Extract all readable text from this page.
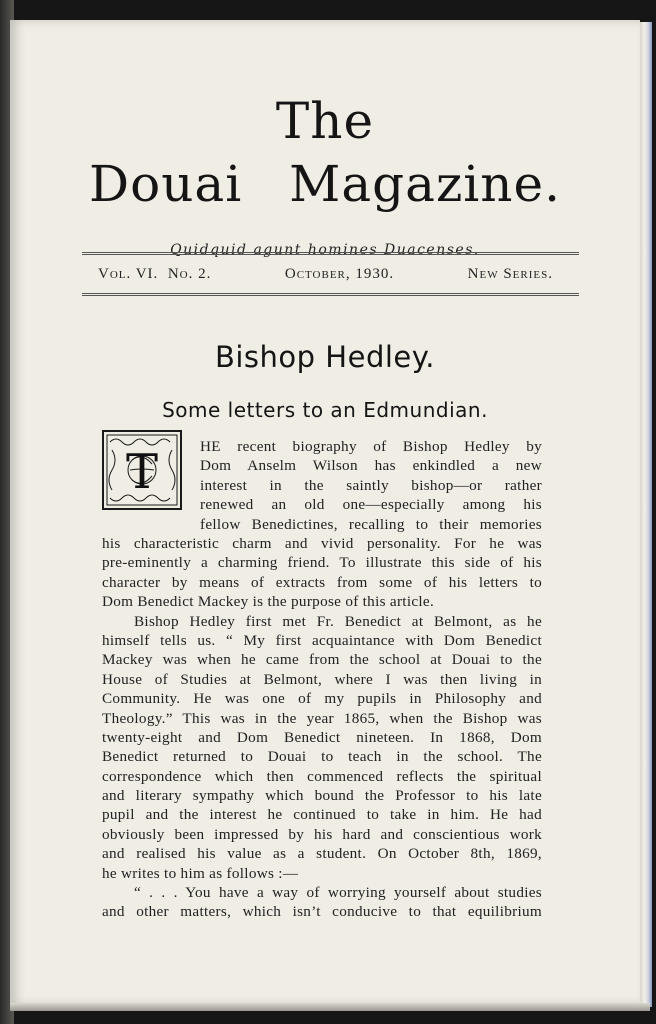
The
Douai Magazine.
Quidquid agunt homines Duacenses.
Vol. VI. No. 2.	October, 1930.	New Series.
Bishop Hedley.
Some letters to an Edmundian.
T	HE recent biography of Bishop Hedley by
Dom Anselm Wilson has enkindled a new
interest in the saintly bishop—or rather
renewed an old one—especially among his
fellow Benedictines, recalling to their memories
his characteristic charm and vivid personality. For he was
pre-eminently a charming friend. To illustrate this side of his
character by means of extracts from some of his letters to
Dom Benedict Mackey is the purpose of this article.
Bishop Hedley first met Fr. Benedict at Belmont, as he
himself tells us. “ My first acquaintance with Dom Benedict
Mackey was when he came from the school at Douai to the
House of Studies at Belmont, where I was then living in
Community. He was one of my pupils in Philosophy and
Theology.” This was in the year 1865, when the Bishop was
twenty-eight and Dom Benedict nineteen. In 1868, Dom
Benedict returned to Douai to teach in the school. The
correspondence which then commenced reflects the spiritual
and literary sympathy which bound the Professor to his late
pupil and the interest he continued to take in him. He had
obviously been impressed by his hard and conscientious work
and realised his value as a student. On October 8th, 1869,
he writes to him as follows :—
“ . . . You have a way of worrying yourself about studies
and other matters, which isn’t conducive to that equilibrium
